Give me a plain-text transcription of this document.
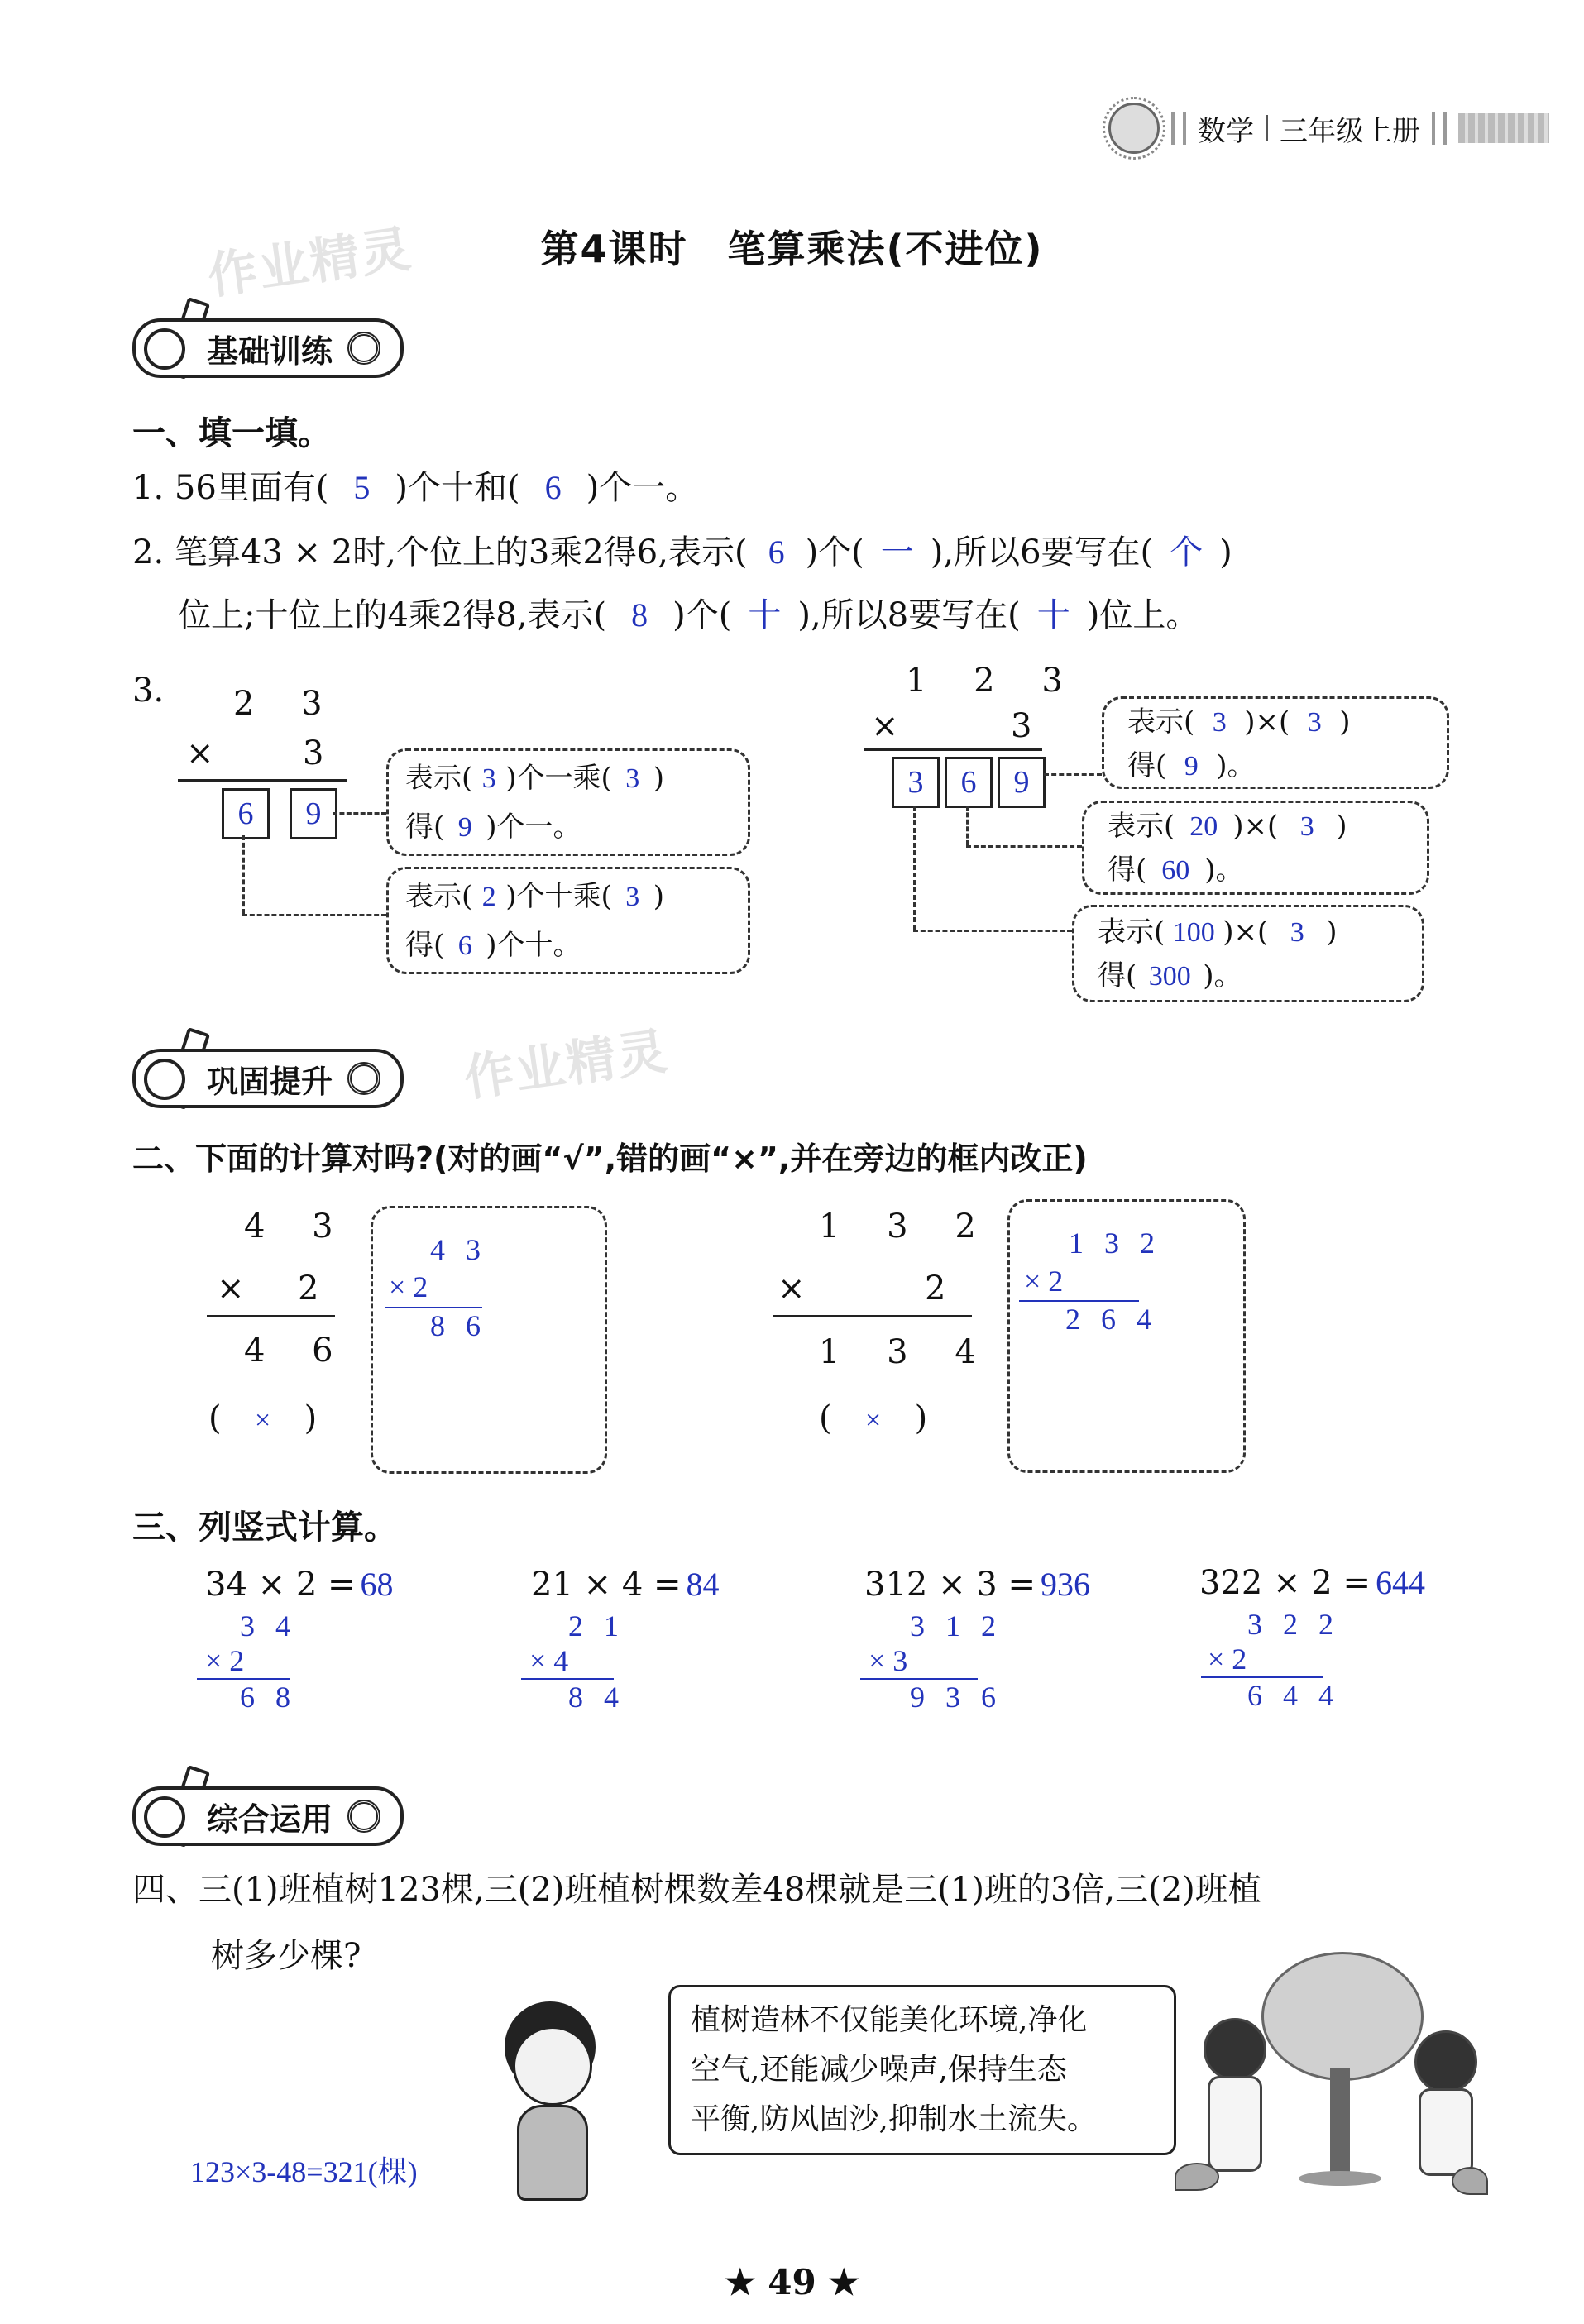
数学 三年级上册
作业精灵	第4课时　笔算乘法(不进位)
基础训练
一、填一填。
1. 56里面有( 5 )个十和( 6 )个一。
2. 笔算43 × 2时,个位上的3乘2得6,表示( 6 )个( 一 ),所以6要写在( 个 )
位上;十位上的4乘2得8,表示( 8 )个( 十 ),所以8要写在( 十 )位上。
3. 2 3
×	3
6	9
表示( 3 )个一乘( 3 )
得( 9 )个一。
表示( 2 )个十乘( 3 )
得( 6 )个十。
1 2 3
×	3
3	6	9
表示( 3 )×( 3 )
得( 9 )。
表示( 20 )×( 3 )
得( 60 )。
表示( 100 )×( 3 )
得( 300 )。
巩固提升	作业精灵
二、下面的计算对吗?(对的画“√”,错的画“×”,并在旁边的框内改正)
4 3
× 2
4 6
( × )
4 3
× 2
8 6
1 3 2
×	2
1 3 4
( × )
1 3 2
× 2
2 6 4
三、列竖式计算。
34 × 2 = 68
3 4
× 2
6 8
21 × 4 = 84
2 1
× 4
8 4
312 × 3 = 936
3 1 2
× 3
9 3 6
322 × 2 = 644
3 2 2
× 2
6 4 4
综合运用
四、三(1)班植树123棵,三(2)班植树棵数差48棵就是三(1)班的3倍,三(2)班植
树多少棵?
植树造林不仅能美化环境,净化
空气,还能减少噪声,保持生态
平衡,防风固沙,抑制水土流失。
123×3-48=321(棵)
★ 49 ★
